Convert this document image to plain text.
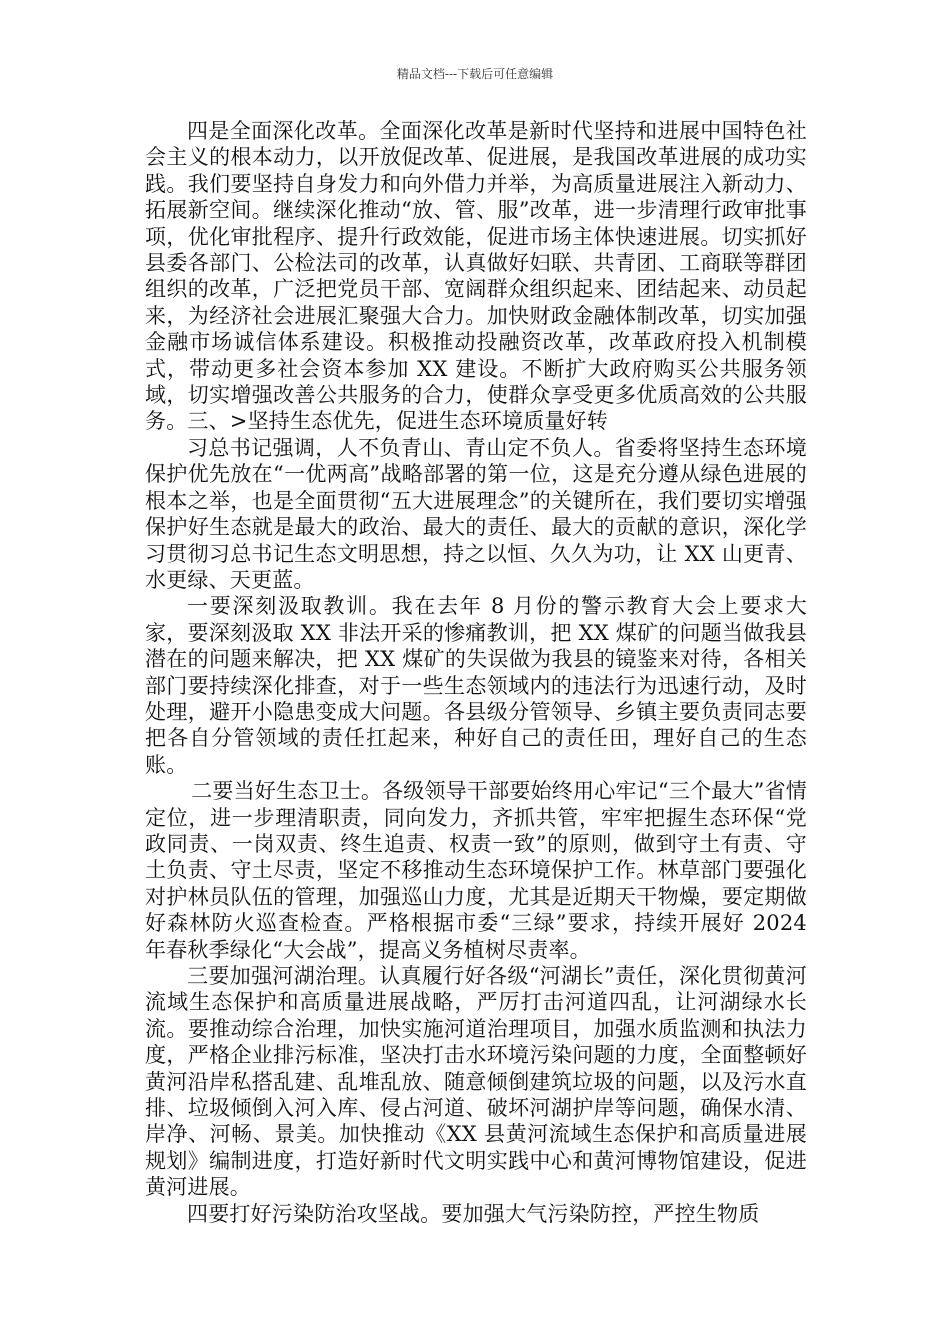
精品文档---下载后可任意编辑

四是全面深化改革。全面深化改革是新时代坚持和进展中国特色社会主义的根本动力，以开放促改革、促进展，是我国改革进展的成功实践。我们要坚持自身发力和向外借力并举，为高质量进展注入新动力、拓展新空间。继续深化推动“放、管、服”改革，进一步清理行政审批事项，优化审批程序、提升行政效能，促进市场主体快速进展。切实抓好县委各部门、公检法司的改革，认真做好妇联、共青团、工商联等群团组织的改革，广泛把党员干部、宽阔群众组织起来、团结起来、动员起来，为经济社会进展汇聚强大合力。加快财政金融体制改革，切实加强金融市场诚信体系建设。积极推动投融资改革，改革政府投入机制模式，带动更多社会资本参加 XX 建设。不断扩大政府购买公共服务领域，切实增强改善公共服务的合力，使群众享受更多优质高效的公共服务。三、>坚持生态优先，促进生态环境质量好转

习总书记强调，人不负青山、青山定不负人。省委将坚持生态环境保护优先放在“一优两高”战略部署的第一位，这是充分遵从绿色进展的根本之举，也是全面贯彻“五大进展理念”的关键所在，我们要切实增强保护好生态就是最大的政治、最大的责任、最大的贡献的意识，深化学习贯彻习总书记生态文明思想，持之以恒、久久为功，让 XX 山更青、水更绿、天更蓝。

一要深刻汲取教训。我在去年 8 月份的警示教育大会上要求大家，要深刻汲取 XX 非法开采的惨痛教训，把 XX 煤矿的问题当做我县潜在的问题来解决，把 XX 煤矿的失误做为我县的镜鉴来对待，各相关部门要持续深化排查，对于一些生态领域内的违法行为迅速行动，及时处理，避开小隐患变成大问题。各县级分管领导、乡镇主要负责同志要把各自分管领域的责任扛起来，种好自己的责任田，理好自己的生态账。

二要当好生态卫士。各级领导干部要始终用心牢记“三个最大”省情定位，进一步理清职责，同向发力，齐抓共管，牢牢把握生态环保“党政同责、一岗双责、终生追责、权责一致”的原则，做到守土有责、守土负责、守土尽责，坚定不移推动生态环境保护工作。林草部门要强化对护林员队伍的管理，加强巡山力度，尤其是近期天干物燥，要定期做好森林防火巡查检查。严格根据市委“三绿”要求，持续开展好 2024 年春秋季绿化“大会战”，提高义务植树尽责率。

三要加强河湖治理。认真履行好各级“河湖长”责任，深化贯彻黄河流域生态保护和高质量进展战略，严厉打击河道四乱，让河湖绿水长流。要推动综合治理，加快实施河道治理项目，加强水质监测和执法力度，严格企业排污标准，坚决打击水环境污染问题的力度，全面整顿好黄河沿岸私搭乱建、乱堆乱放、随意倾倒建筑垃圾的问题，以及污水直排、垃圾倾倒入河入库、侵占河道、破坏河湖护岸等问题，确保水清、岸净、河畅、景美。加快推动《XX 县黄河流域生态保护和高质量进展规划》编制进度，打造好新时代文明实践中心和黄河博物馆建设，促进黄河进展。

四要打好污染防治攻坚战。要加强大气污染防控，严控生物质
